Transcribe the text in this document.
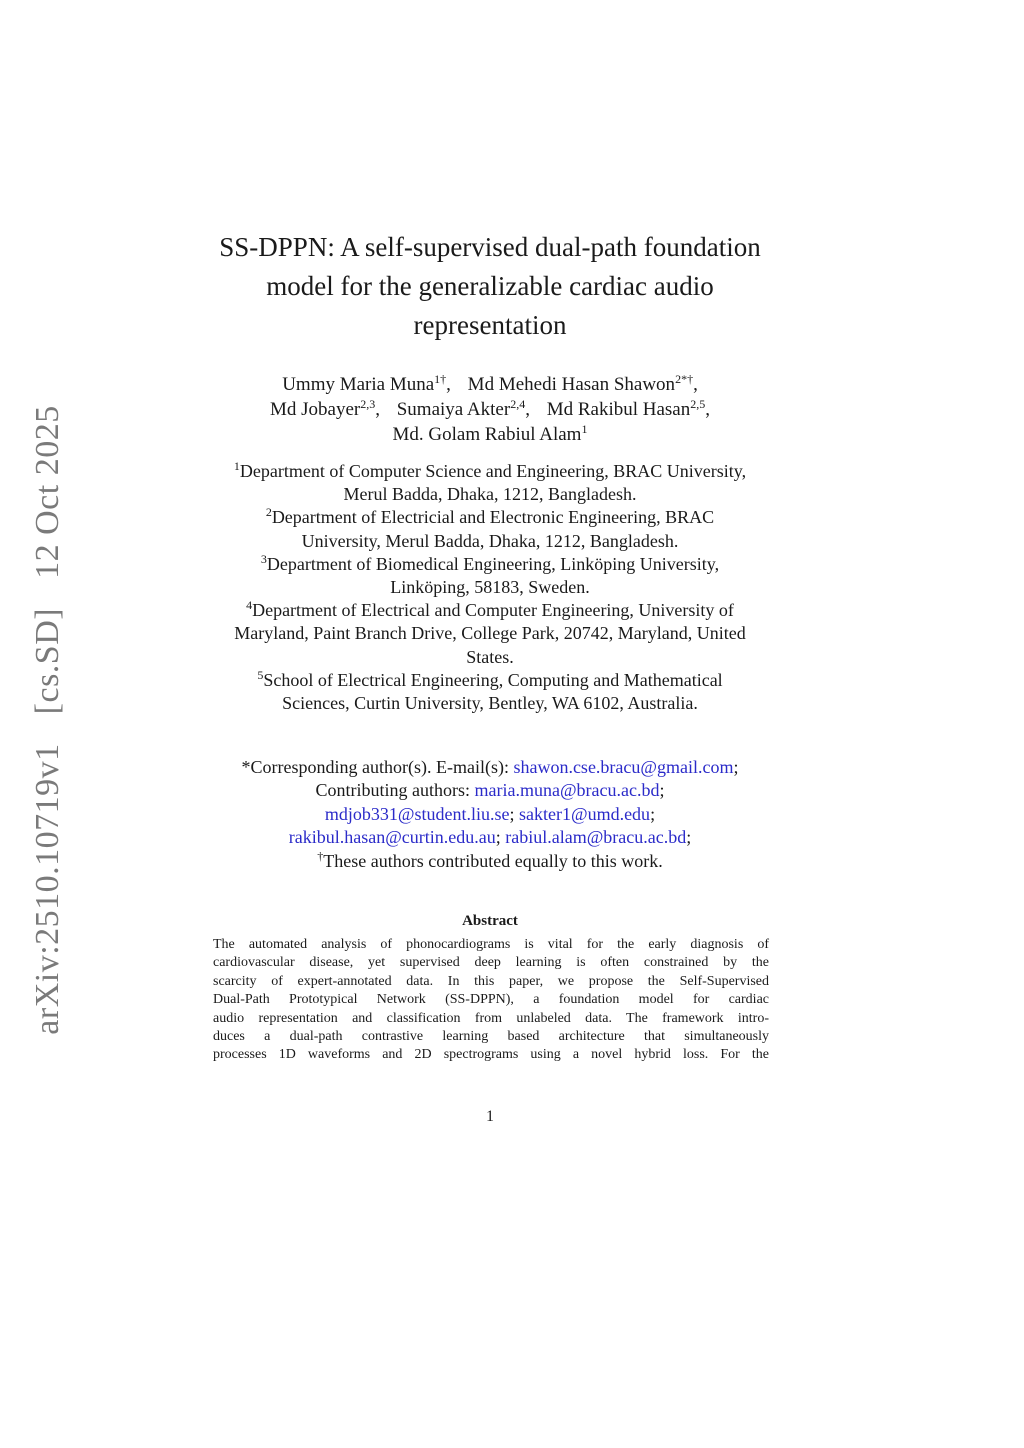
arXiv:2510.10719v1 [cs.SD] 12 Oct 2025
SS-DPPN: A self-supervised dual-path foundation
model for the generalizable cardiac audio
representation
Ummy Maria Muna$^{1\dagger}$, Md Mehedi Hasan Shawon$^{2*\dagger}$,
Md Jobayer$^{2,3}$, Sumaiya Akter$^{2,4}$, Md Rakibul Hasan$^{2,5}$,
Md. Golam Rabiul Alam$^1$
$^1$Department of Computer Science and Engineering, BRAC University,
Merul Badda, Dhaka, 1212, Bangladesh.
$^2$Department of Electricial and Electronic Engineering, BRAC
University, Merul Badda, Dhaka, 1212, Bangladesh.
$^3$Department of Biomedical Engineering, Linköping University,
Linköping, 58183, Sweden.
$^4$Department of Electrical and Computer Engineering, University of
Maryland, Paint Branch Drive, College Park, 20742, Maryland, United
States.
$^5$School of Electrical Engineering, Computing and Mathematical
Sciences, Curtin University, Bentley, WA 6102, Australia.
*Corresponding author(s). E-mail(s): shawon.cse.bracu@gmail.com;
Contributing authors: maria.muna@bracu.ac.bd;
mdjob331@student.liu.se; sakter1@umd.edu;
rakibul.hasan@curtin.edu.au; rabiul.alam@bracu.ac.bd;
†These authors contributed equally to this work.
Abstract
The automated analysis of phonocardiograms is vital for the early diagnosis of
cardiovascular disease, yet supervised deep learning is often constrained by the
scarcity of expert-annotated data. In this paper, we propose the Self-Supervised
Dual-Path Prototypical Network (SS-DPPN), a foundation model for cardiac
audio representation and classification from unlabeled data. The framework intro-
duces a dual-path contrastive learning based architecture that simultaneously
processes 1D waveforms and 2D spectrograms using a novel hybrid loss. For the
1
